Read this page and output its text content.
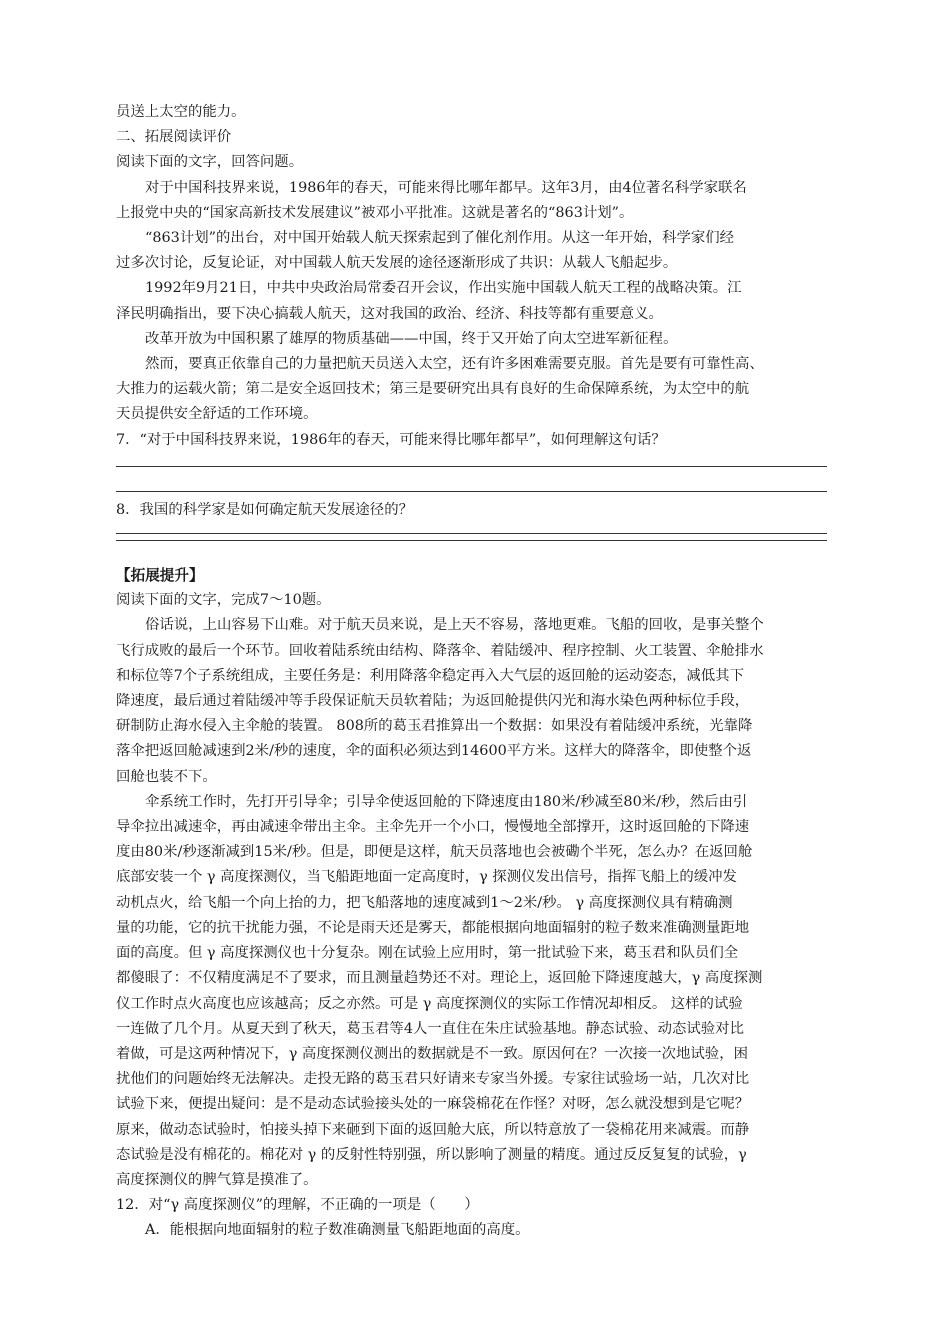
员送上太空的能力。
二、拓展阅读评价
阅读下面的文字，回答问题。
对于中国科技界来说，1986年的春天，可能来得比哪年都早。这年3月，由4位著名科学家联名
上报党中央的“国家高新技术发展建议”被邓小平批准。这就是著名的“863计划”。
“863计划”的出台，对中国开始载人航天探索起到了催化剂作用。从这一年开始，科学家们经
过多次讨论，反复论证，对中国载人航天发展的途径逐渐形成了共识：从载人飞船起步。
1992年9月21日，中共中央政治局常委召开会议，作出实施中国载人航天工程的战略决策。江
泽民明确指出，要下决心搞载人航天，这对我国的政治、经济、科技等都有重要意义。
改革开放为中国积累了雄厚的物质基础——中国，终于又开始了向太空进军新征程。
然而，要真正依靠自己的力量把航天员送入太空，还有许多困难需要克服。首先是要有可靠性高、
大推力的运载火箭；第二是安全返回技术；第三是要研究出具有良好的生命保障系统，为太空中的航
天员提供安全舒适的工作环境。
7．“对于中国科技界来说，1986年的春天，可能来得比哪年都早”，如何理解这句话？
8．我国的科学家是如何确定航天发展途径的？
【拓展提升】
阅读下面的文字，完成7～10题。
俗话说，上山容易下山难。对于航天员来说，是上天不容易，落地更难。飞船的回收，是事关整个
飞行成败的最后一个环节。回收着陆系统由结构、降落伞、着陆缓冲、程序控制、火工装置、伞舱排水
和标位等7个子系统组成，主要任务是：利用降落伞稳定再入大气层的返回舱的运动姿态，减低其下
降速度，最后通过着陆缓冲等手段保证航天员软着陆；为返回舱提供闪光和海水染色两种标位手段，
研制防止海水侵入主伞舱的装置。 808所的葛玉君推算出一个数据：如果没有着陆缓冲系统，光靠降
落伞把返回舱减速到2米/秒的速度，伞的面积必须达到14600平方米。这样大的降落伞，即使整个返
回舱也装不下。
伞系统工作时，先打开引导伞；引导伞使返回舱的下降速度由180米/秒减至80米/秒，然后由引
导伞拉出减速伞，再由减速伞带出主伞。主伞先开一个小口，慢慢地全部撑开，这时返回舱的下降速
度由80米/秒逐渐减到15米/秒。但是，即便是这样，航天员落地也会被磡个半死，怎么办？在返回舱
底部安装一个 γ 高度探测仪，当飞船距地面一定高度时，γ 探测仪发出信号，指挥飞船上的缓冲发
动机点火，给飞船一个向上抬的力，把飞船落地的速度减到1～2米/秒。 γ 高度探测仪具有精确测
量的功能，它的抗干扰能力强，不论是雨天还是雾天，都能根据向地面辐射的粒子数来准确测量距地
面的高度。但 γ 高度探测仪也十分复杂。刚在试验上应用时，第一批试验下来，葛玉君和队员们全
都傻眼了：不仅精度满足不了要求，而且测量趋势还不对。理论上，返回舱下降速度越大，γ 高度探测
仪工作时点火高度也应该越高；反之亦然。可是 γ 高度探测仪的实际工作情况却相反。 这样的试验
一连做了几个月。从夏天到了秋天，葛玉君等4人一直住在朱庄试验基地。静态试验、动态试验对比
着做，可是这两种情况下，γ 高度探测仪测出的数据就是不一致。原因何在？一次接一次地试验，困
扰他们的问题始终无法解决。走投无路的葛玉君只好请来专家当外援。专家往试验场一站，几次对比
试验下来，便提出疑问：是不是动态试验接头处的一麻袋棉花在作怪？对呀，怎么就没想到是它呢？
原来，做动态试验时，怕接头掉下来砸到下面的返回舱大底，所以特意放了一袋棉花用来减震。而静
态试验是没有棉花的。棉花对 γ 的反射性特别强，所以影响了测量的精度。通过反反复复的试验，γ
高度探测仪的脾气算是摸准了。
12．对“γ 高度探测仪”的理解，不正确的一项是（　　）
A．能根据向地面辐射的粒子数准确测量飞船距地面的高度。
